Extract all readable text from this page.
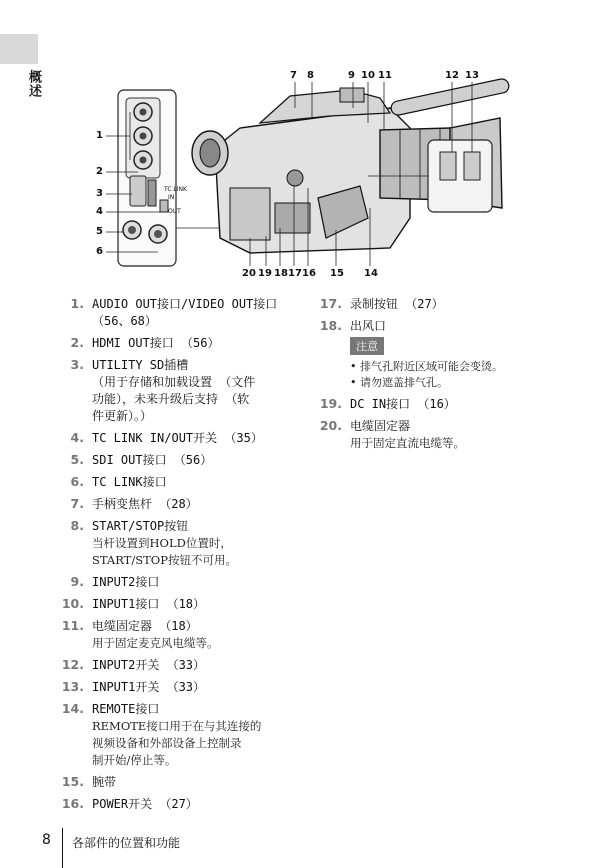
概述
TC LINK
IN
OUT
7 8	9 10 11	12 13
1
2
3
4
5
6
20 19 18 17 16 15 14
1. AUDIO OUT接口/VIDEO OUT接口
（56、68）
2. HDMI OUT接口 （56）
3. UTILITY SD插槽
（用于存储和加载设置 （文件
功能），未来升级后支持 （软
件更新）。）
4. TC LINK IN/OUT开关 （35）
5. SDI OUT接口 （56）
6. TC LINK接口
7. 手柄变焦杆 （28）
8. START/STOP按钮
当杆设置到HOLD位置时，
START/STOP按钮不可用。
9. INPUT2接口
10. INPUT1接口 （18）
11. 电缆固定器 （18）
用于固定麦克风电缆等。
12. INPUT2开关 （33）
13. INPUT1开关 （33）
14. REMOTE接口
REMOTE接口用于在与其连接的
视频设备和外部设备上控制录
制开始/停止等。
15. 腕带
16. POWER开关 （27）
17. 录制按钮 （27）
18. 出风口
注意
• 排气孔附近区域可能会变烫。
• 请勿遮盖排气孔。
19. DC IN接口 （16）
20. 电缆固定器
用于固定直流电缆等。
8 各部件的位置和功能
